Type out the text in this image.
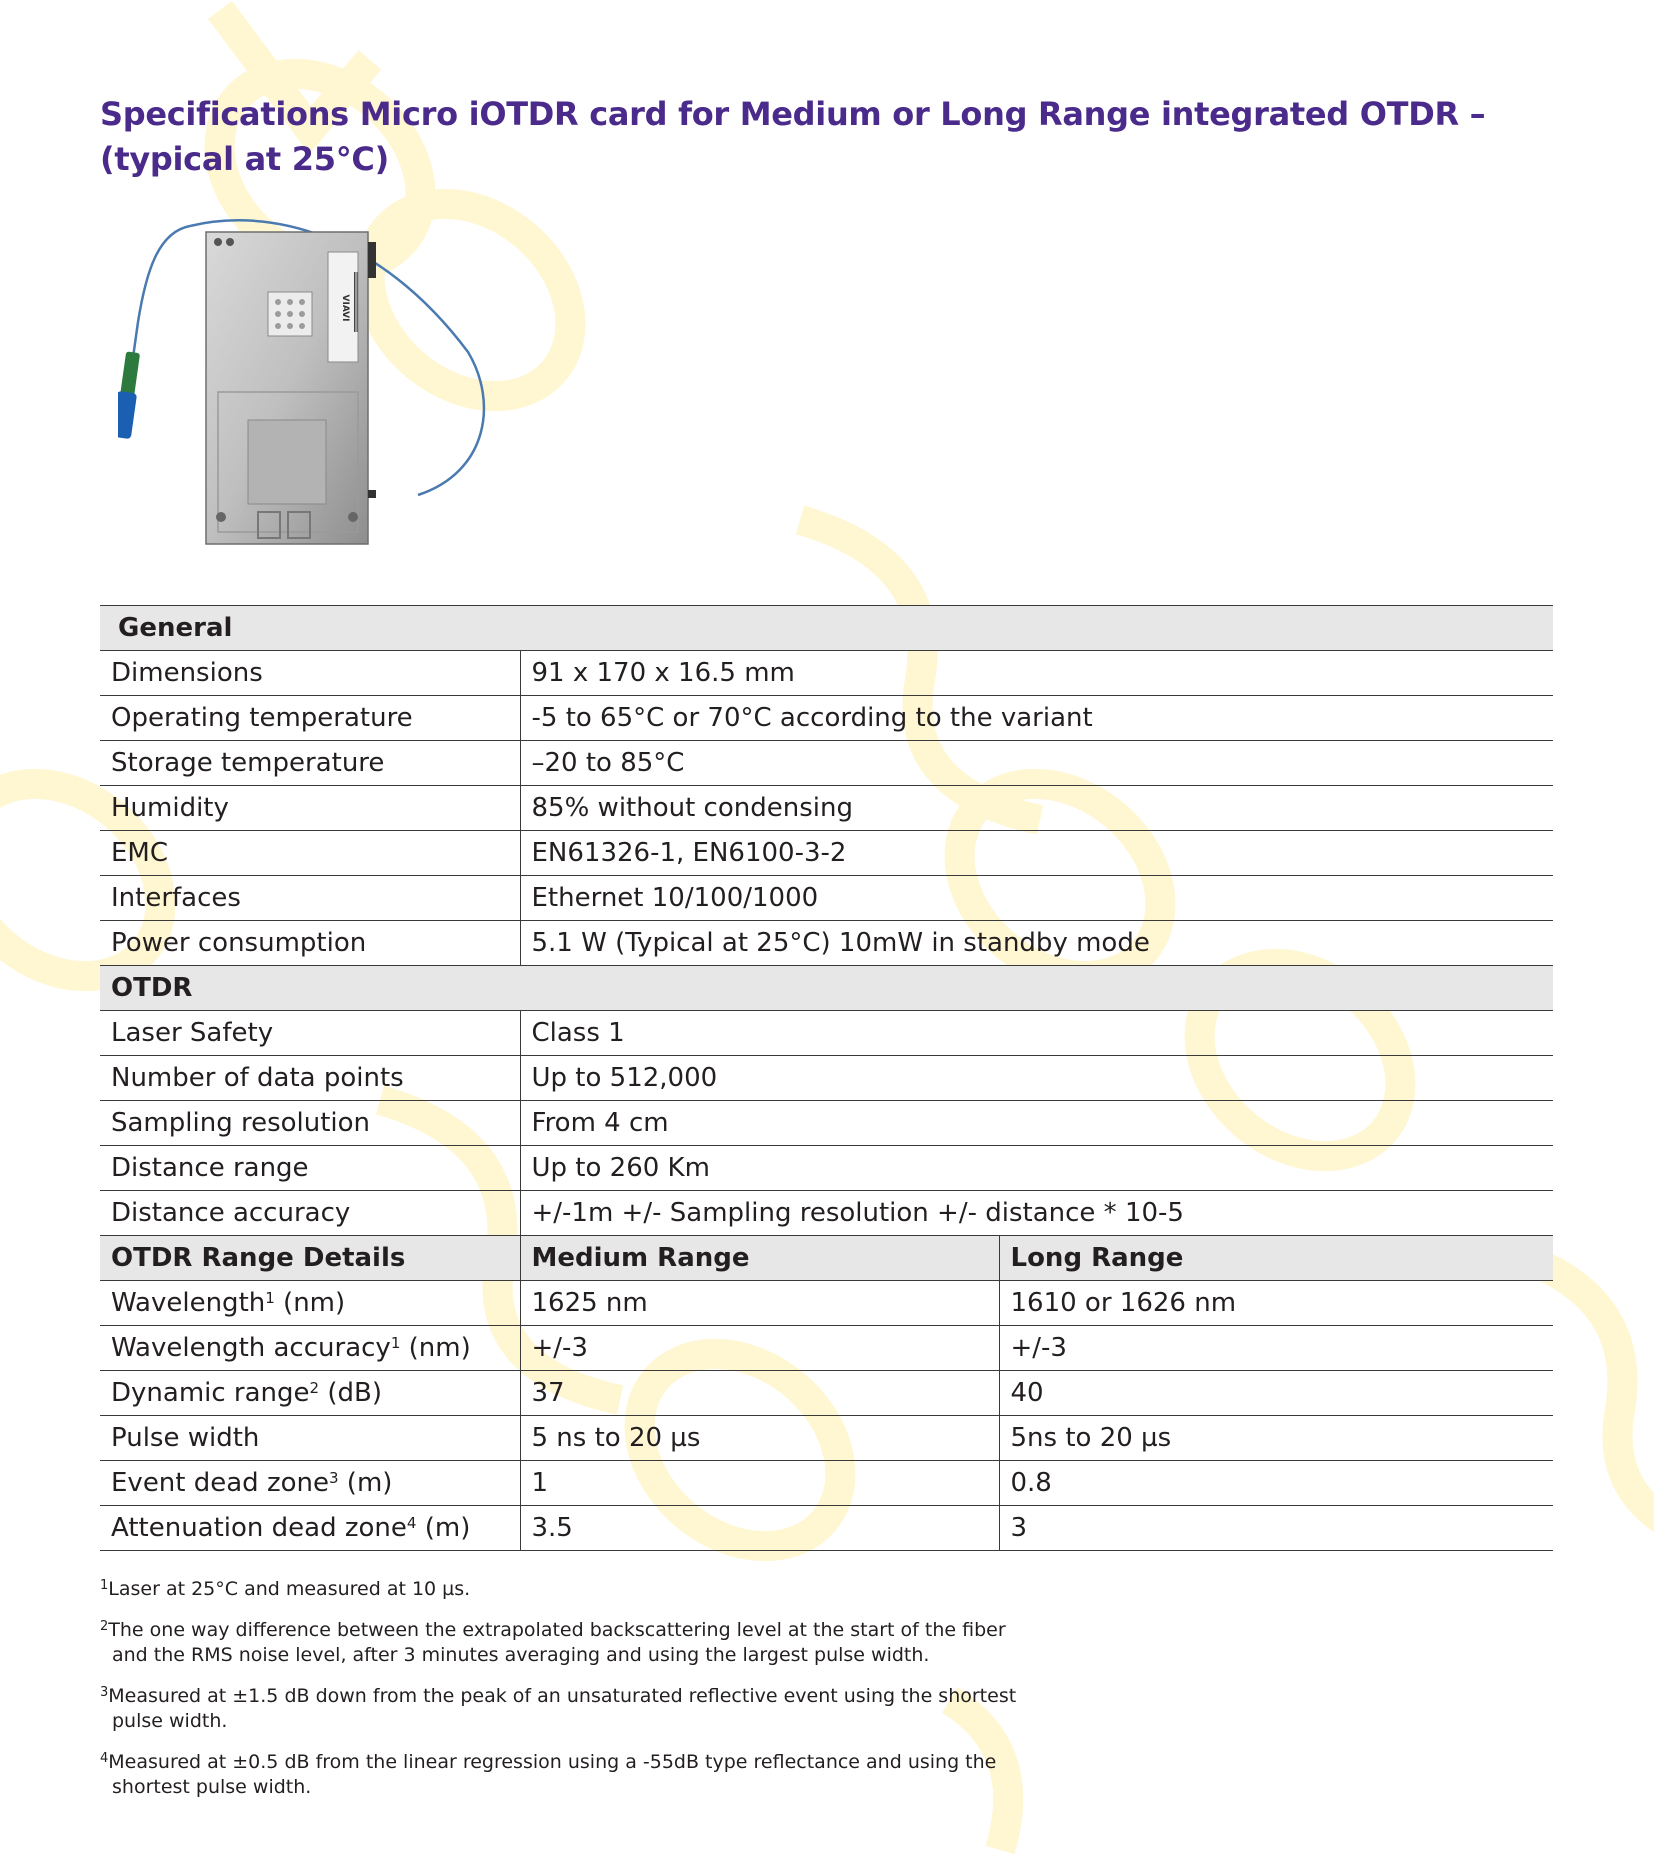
Specifications Micro iOTDR card for Medium or Long Range integrated OTDR – (typical at 25°C)
VIAVI
General		
Dimensions	91 x 170 x 16.5 mm	
Operating temperature	-5 to 65°C or 70°C according to the variant	
Storage temperature	–20 to 85°C	
Humidity	85% without condensing	
EMC	EN61326-1, EN6100-3-2	
Interfaces	Ethernet 10/100/1000	
Power consumption	5.1 W (Typical at 25°C) 10mW in standby mode	
OTDR		
Laser Safety	Class 1	
Number of data points	Up to 512,000	
Sampling resolution	From 4 cm	
Distance range	Up to 260 Km	
Distance accuracy	+/-1m +/- Sampling resolution +/- distance * 10-5	
OTDR Range Details	Medium Range	Long Range
Wavelength$^1$ (nm)	1625 nm	1610 or 1626 nm
Wavelength accuracy$^1$ (nm)	+/-3	+/-3
Dynamic range$^2$ (dB)	37	40
Pulse width	5 ns to 20 µs	5ns to 20 µs
Event dead zone$^3$ (m)	1	0.8
Attenuation dead zone$^4$ (m)	3.5	3

$^1$Laser at 25°C and measured at 10 µs.

$^2$The one way difference between the extrapolated backscattering level at the start of the fiber and the RMS noise level, after 3 minutes averaging and using the largest pulse width.

$^3$Measured at ±1.5 dB down from the peak of an unsaturated reflective event using the shortest pulse width.

$^4$Measured at ±0.5 dB from the linear regression using a -55dB type reflectance and using the shortest pulse width.
